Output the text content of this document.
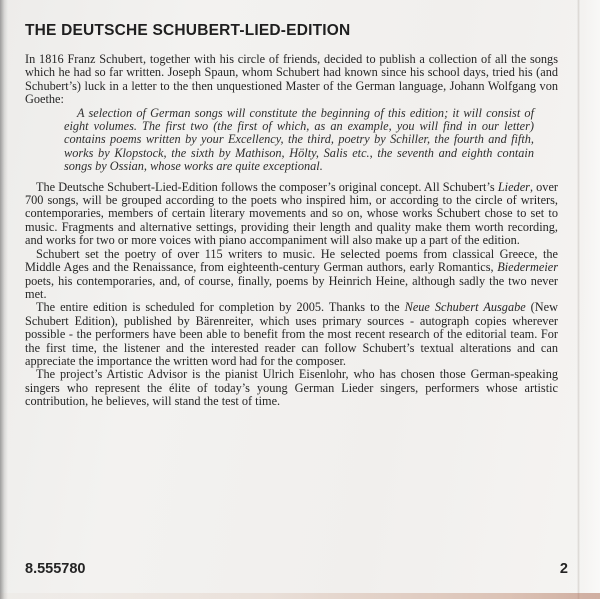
THE DEUTSCHE SCHUBERT-LIED-EDITION

In 1816 Franz Schubert, together with his circle of friends, decided to publish a collection of all the songs which he had so far written. Joseph Spaun, whom Schubert had known since his school days, tried his (and Schubert’s) luck in a letter to the then unquestioned Master of the German language, Johann Wolfgang von Goethe:

A selection of German songs will constitute the beginning of this edition; it will consist of eight volumes. The first two (the first of which, as an example, you will find in our letter) contains poems written by your Excellency, the third, poetry by Schiller, the fourth and fifth, works by Klopstock, the sixth by Mathison, Hölty, Salis etc., the seventh and eighth contain songs by Ossian, whose works are quite exceptional.

The Deutsche Schubert-Lied-Edition follows the composer’s original concept. All Schubert’s Lieder, over 700 songs, will be grouped according to the poets who inspired him, or according to the circle of writers, contemporaries, members of certain literary movements and so on, whose works Schubert chose to set to music. Fragments and alternative settings, providing their length and quality make them worth recording, and works for two or more voices with piano accompaniment will also make up a part of the edition.

Schubert set the poetry of over 115 writers to music. He selected poems from classical Greece, the Middle Ages and the Renaissance, from eighteenth-century German authors, early Romantics, Biedermeier poets, his contemporaries, and, of course, finally, poems by Heinrich Heine, although sadly the two never met.

The entire edition is scheduled for completion by 2005. Thanks to the Neue Schubert Ausgabe (New Schubert Edition), published by Bärenreiter, which uses primary sources - autograph copies wherever possible - the performers have been able to benefit from the most recent research of the editorial team. For the first time, the listener and the interested reader can follow Schubert’s textual alterations and can appreciate the importance the written word had for the composer.

The project’s Artistic Advisor is the pianist Ulrich Eisenlohr, who has chosen those German-speaking singers who represent the élite of today’s young German Lieder singers, performers whose artistic contribution, he believes, will stand the test of time.

8.555780	2
